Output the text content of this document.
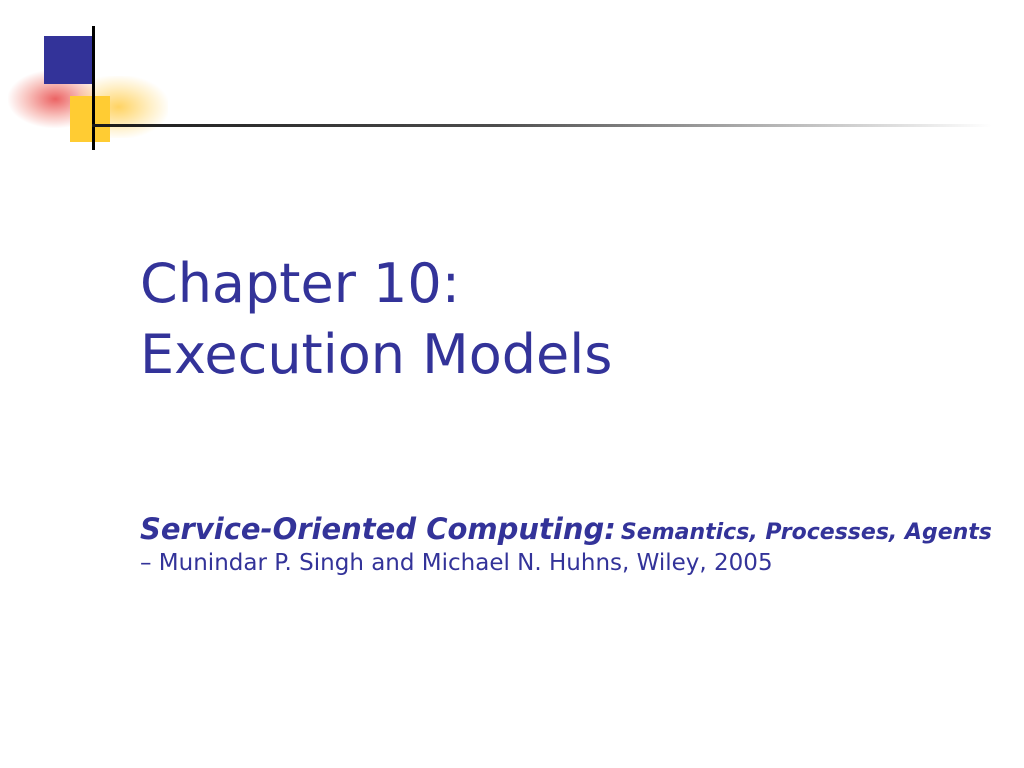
Chapter 10:
Execution Models
Service-Oriented Computing: Semantics, Processes, Agents
– Munindar P. Singh and Michael N. Huhns, Wiley, 2005
